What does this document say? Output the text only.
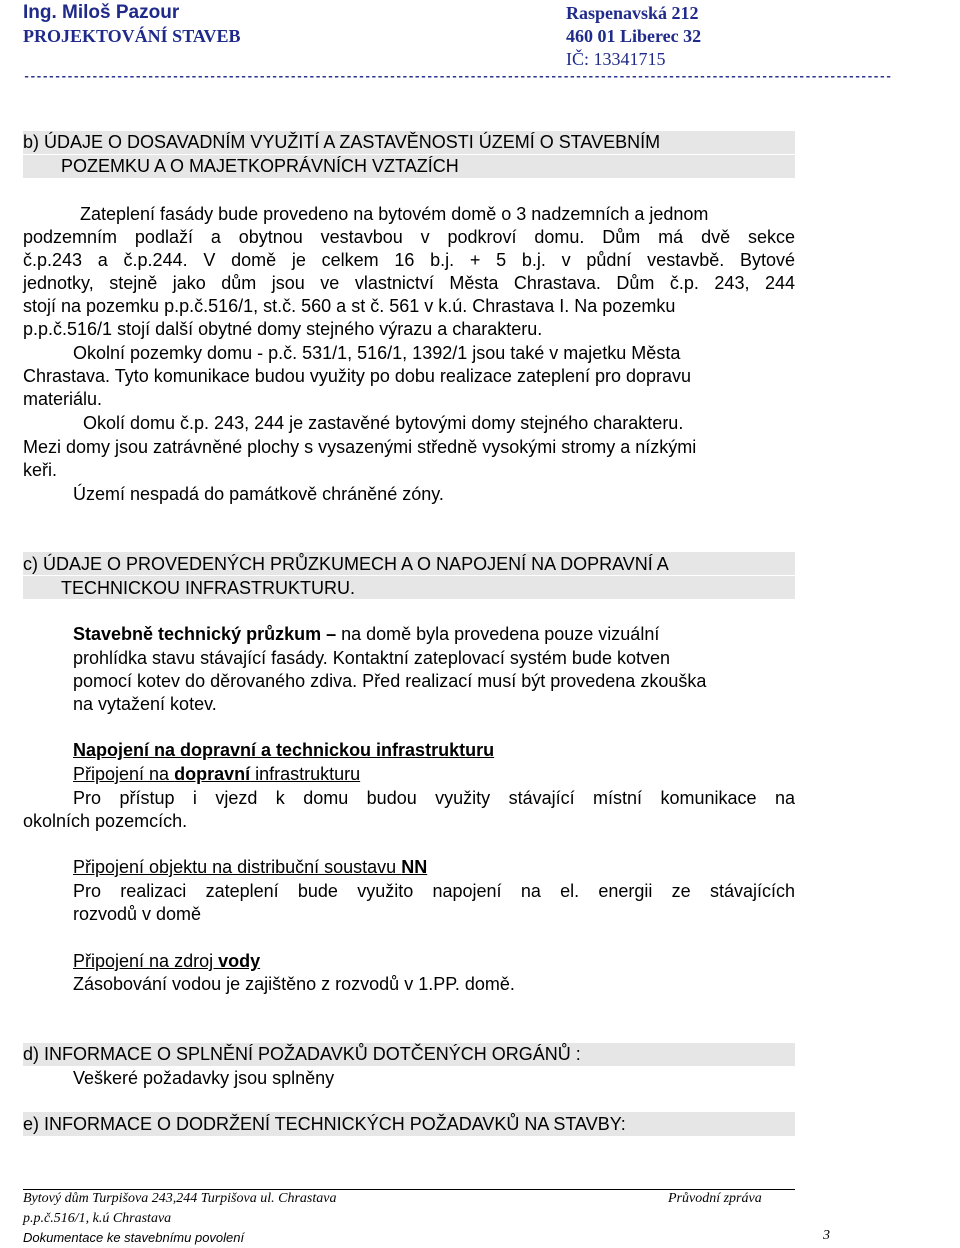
Ing. Miloš Pazour
PROJEKTOVÁNÍ STAVEB
Raspenavská 212
460 01 Liberec 32
IČ: 13341715
--------------------------------------------------------------------------------------------------------------------------------------------
b) ÚDAJE O DOSAVADNÍM VYUŽITÍ A ZASTAVĚNOSTI ÚZEMÍ O STAVEBNÍM
POZEMKU A O MAJETKOPRÁVNÍCH VZTAZÍCH
Zateplení fasády bude provedeno na bytovém domě o 3 nadzemních a jednom
podzemním podlaží a obytnou vestavbou v podkroví domu. Dům má dvě sekce
č.p.243 a č.p.244. V domě je celkem 16 b.j. + 5 b.j. v půdní vestavbě. Bytové
jednotky, stejně jako dům jsou ve vlastnictví Města Chrastava. Dům č.p. 243, 244
stojí na pozemku p.p.č.516/1, st.č. 560 a st č. 561 v k.ú. Chrastava I. Na pozemku
p.p.č.516/1 stojí další obytné domy stejného výrazu a charakteru.
Okolní pozemky domu - p.č. 531/1, 516/1, 1392/1 jsou také v majetku Města
Chrastava. Tyto komunikace budou využity po dobu realizace zateplení pro dopravu
materiálu.
Okolí domu č.p. 243, 244 je zastavěné bytovými domy stejného charakteru.
Mezi domy jsou zatrávněné plochy s vysazenými středně vysokými stromy a nízkými
keři.
Území nespadá do památkově chráněné zóny.
c) ÚDAJE O PROVEDENÝCH PRŮZKUMECH A O NAPOJENÍ NA DOPRAVNÍ A
TECHNICKOU INFRASTRUKTURU.
Stavebně technický průzkum – na domě byla provedena pouze vizuální
prohlídka stavu stávající fasády. Kontaktní zateplovací systém bude kotven
pomocí kotev do děrovaného zdiva. Před realizací musí být provedena zkouška
na vytažení kotev.
Napojení na dopravní a technickou infrastrukturu
Připojení na dopravní infrastrukturu
Pro přístup i vjezd k domu budou využity stávající místní komunikace na
okolních pozemcích.
Připojení objektu na distribuční soustavu NN
Pro realizaci zateplení bude využito napojení na el. energii ze stávajících
rozvodů v domě
Připojení na zdroj vody
Zásobování vodou je zajištěno z rozvodů v 1.PP. domě.
d) INFORMACE O SPLNĚNÍ POŽADAVKŮ DOTČENÝCH ORGÁNŮ :
Veškeré požadavky jsou splněny
e) INFORMACE O DODRŽENÍ TECHNICKÝCH POŽADAVKŮ NA STAVBY:
Bytový dům Turpišova 243,244 Turpišova ul. Chrastava
p.p.č.516/1, k.ú Chrastava
Průvodní zpráva
Dokumentace ke stavebnímu povolení	3
